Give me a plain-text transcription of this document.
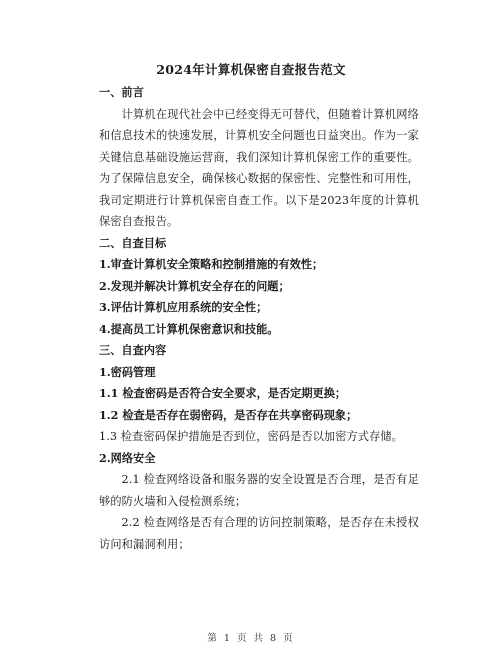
2024年计算机保密自查报告范文
一、前言

计算机在现代社会中已经变得无可替代，但随着计算机网络和信息技术的快速发展，计算机安全问题也日益突出。作为一家关键信息基础设施运营商，我们深知计算机保密工作的重要性。为了保障信息安全，确保核心数据的保密性、完整性和可用性，我司定期进行计算机保密自查工作。以下是2023年度的计算机保密自查报告。

二、自查目标
1.审查计算机安全策略和控制措施的有效性；
2.发现并解决计算机安全存在的问题；
3.评估计算机应用系统的安全性；
4.提高员工计算机保密意识和技能。
三、自查内容
1.密码管理
1.1 检查密码是否符合安全要求，是否定期更换；
1.2 检查是否存在弱密码，是否存在共享密码现象；
1.3 检查密码保护措施是否到位，密码是否以加密方式存储。
2.网络安全

2.1 检查网络设备和服务器的安全设置是否合理，是否有足够的防火墙和入侵检测系统；

2.2 检查网络是否有合理的访问控制策略，是否存在未授权访问和漏洞利用；

第 1 页 共 8 页
